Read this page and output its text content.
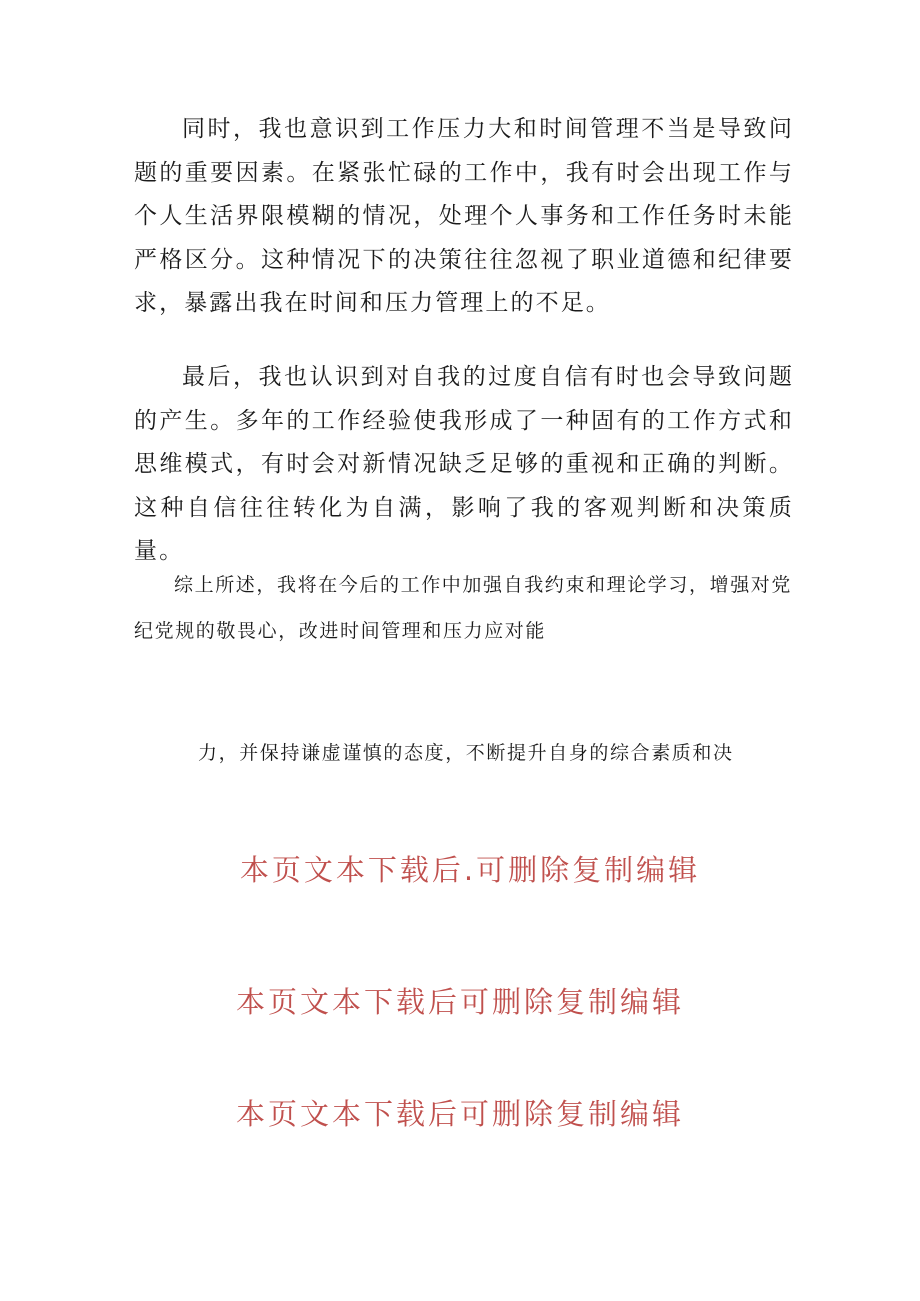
同时，我也意识到工作压力大和时间管理不当是导致问题的重要因素。在紧张忙碌的工作中，我有时会出现工作与个人生活界限模糊的情况，处理个人事务和工作任务时未能严格区分。这种情况下的决策往往忽视了职业道德和纪律要求，暴露出我在时间和压力管理上的不足。

最后，我也认识到对自我的过度自信有时也会导致问题的产生。多年的工作经验使我形成了一种固有的工作方式和思维模式，有时会对新情况缺乏足够的重视和正确的判断。这种自信往往转化为自满，影响了我的客观判断和决策质量。

综上所述，我将在今后的工作中加强自我约束和理论学习，增强对党纪党规的敬畏心，改进时间管理和压力应对能

力，并保持谦虚谨慎的态度，不断提升自身的综合素质和决

本页文本下载后.可删除复制编辑

本页文本下载后可删除复制编辑

本页文本下载后可删除复制编辑
